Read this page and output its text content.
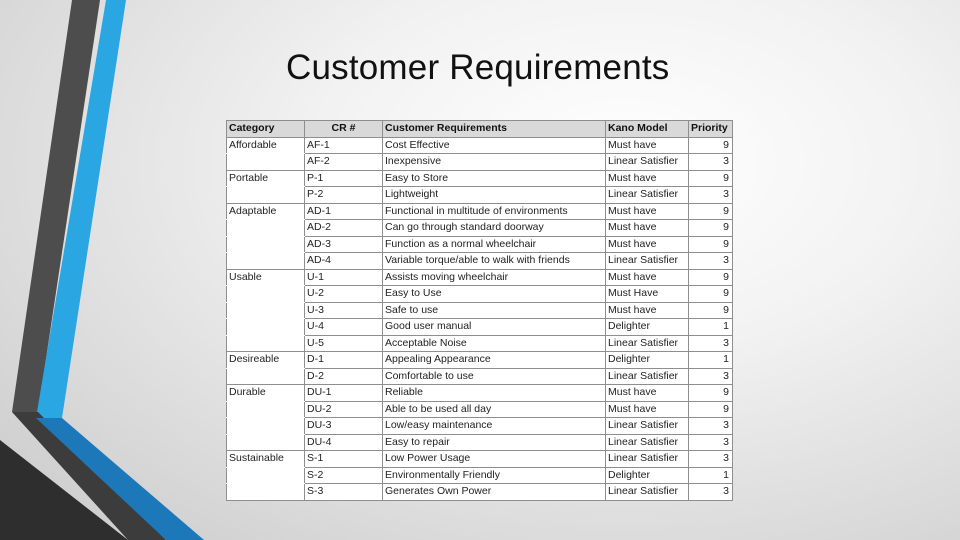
Customer Requirements
Category	CR #	Customer Requirements	Kano Model	Priority
Affordable	AF-1	Cost Effective	Must have	9
	AF-2	Inexpensive	Linear Satisfier	3
Portable	P-1	Easy to Store	Must have	9
	P-2	Lightweight	Linear Satisfier	3
Adaptable	AD-1	Functional in multitude of environments	Must have	9
	AD-2	Can go through standard doorway	Must have	9
	AD-3	Function as a normal wheelchair	Must have	9
	AD-4	Variable torque/able to walk with friends	Linear Satisfier	3
Usable	U-1	Assists moving wheelchair	Must have	9
	U-2	Easy to Use	Must Have	9
	U-3	Safe to use	Must have	9
	U-4	Good user manual	Delighter	1
	U-5	Acceptable Noise	Linear Satisfier	3
Desireable	D-1	Appealing Appearance	Delighter	1
	D-2	Comfortable to use	Linear Satisfier	3
Durable	DU-1	Reliable	Must have	9
	DU-2	Able to be used all day	Must have	9
	DU-3	Low/easy maintenance	Linear Satisfier	3
	DU-4	Easy to repair	Linear Satisfier	3
Sustainable	S-1	Low Power Usage	Linear Satisfier	3
	S-2	Environmentally Friendly	Delighter	1
	S-3	Generates Own Power	Linear Satisfier	3
